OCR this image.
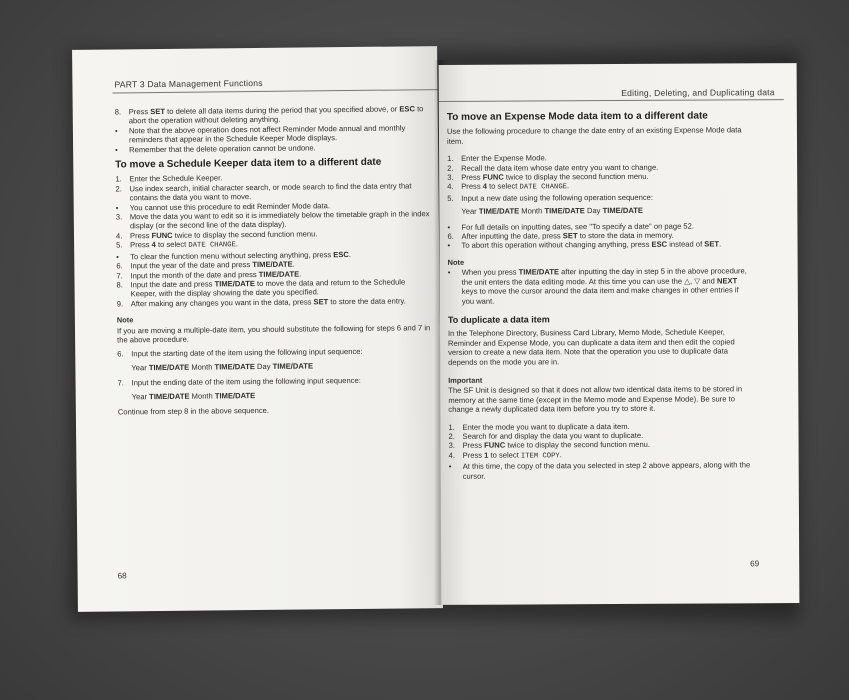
PART 3 Data Management Functions
8. Press SET to delete all data items during the period that you specified above, or ESC to abort the operation without deleting anything.
•	Note that the above operation does not affect Reminder Mode annual and monthly reminders that appear in the Schedule Keeper Mode displays.
•	Remember that the delete operation cannot be undone.
To move a Schedule Keeper data item to a different date
1. Enter the Schedule Keeper.
2. Use index search, initial character search, or mode search to find the data entry that contains the data you want to move.
•	You cannot use this procedure to edit Reminder Mode data.
3. Move the data you want to edit so it is immediately below the timetable graph in the index display (or the second line of the data display).
4. Press FUNC twice to display the second function menu.
5. Press 4 to select DATE CHANGE.
•	To clear the function menu without selecting anything, press ESC.
6. Input the year of the date and press TIME/DATE.
7. Input the month of the date and press TIME/DATE.
8. Input the date and press TIME/DATE to move the data and return to the Schedule Keeper, with the display showing the date you specified.
9. After making any changes you want in the data, press SET to store the data entry.
Note

If you are moving a multiple-date item, you should substitute the following for steps 6 and 7 in the above procedure.

6. Input the starting date of the item using the following input sequence:
Year TIME/DATE Month TIME/DATE Day TIME/DATE
7. Input the ending date of the item using the following input sequence:
Year TIME/DATE Month TIME/DATE

Continue from step 8 in the above sequence.

68
Editing, Deleting, and Duplicating data
To move an Expense Mode data item to a different date

Use the following procedure to change the date entry of an existing Expense Mode data item.

1.	Enter the Expense Mode.
2.	Recall the data item whose date entry you want to change.
3.	Press FUNC twice to display the second function menu.
4.	Press 4 to select DATE CHANGE.
5.	Input a new date using the following operation sequence:
Year TIME/DATE Month TIME/DATE Day TIME/DATE
•	For full details on inputting dates, see "To specify a date" on page 52.
6.	After inputting the date, press SET to store the data in memory.
•	To abort this operation without changing anything, press ESC instead of SET.
Note
•	When you press TIME/DATE after inputting the day in step 5 in the above procedure, the unit enters the data editing mode. At this time you can use the △, ▽ and NEXT keys to move the cursor around the data item and make changes in other entries if you want.
To duplicate a data item

In the Telephone Directory, Business Card Library, Memo Mode, Schedule Keeper, Reminder and Expense Mode, you can duplicate a data item and then edit the copied version to create a new data item. Note that the operation you use to duplicate data depends on the mode you are in.

Important

The SF Unit is designed so that it does not allow two identical data items to be stored in memory at the same time (except in the Memo mode and Expense Mode). Be sure to change a newly duplicated data item before you try to store it.

1.	Enter the mode you want to duplicate a data item.
2.	Search for and display the data you want to duplicate.
3.	Press FUNC twice to display the second function menu.
4.	Press 1 to select ITEM COPY.
•	At this time, the copy of the data you selected in step 2 above appears, along with the cursor.
69
